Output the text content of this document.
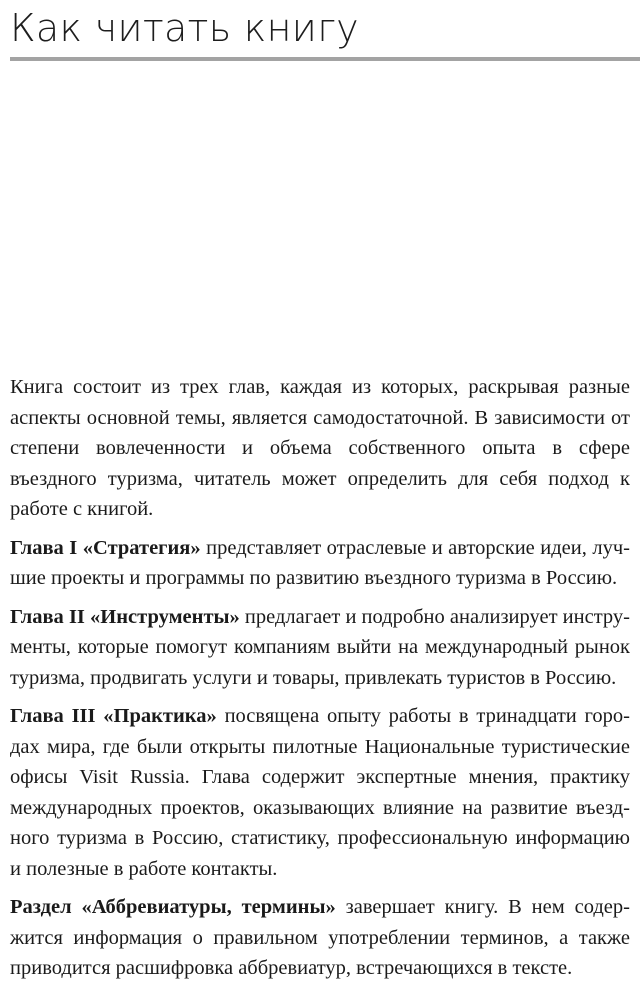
Как читать книгу

Книга состоит из трех глав, каждая из которых, раскрывая разные аспекты основной темы, является самодостаточной. В зависимости от степени вовлеченности и объема собственного опыта в сфере въездного туризма, читатель может определить для себя подход к работе с книгой.

Глава I «Стратегия» представляет отраслевые и авторские идеи, лучшие проекты и программы по развитию въездного туризма в Россию.

Глава II «Инструменты» предлагает и подробно анализирует инструменты, которые помогут компаниям выйти на международный рынок туризма, продвигать услуги и товары, привлекать туристов в Россию.

Глава III «Практика» посвящена опыту работы в тринадцати городах мира, где были открыты пилотные Национальные туристические офисы Visit Russia. Глава содержит экспертные мнения, практику международных проектов, оказывающих влияние на развитие въездного туризма в Россию, статистику, профессиональную информацию и полезные в работе контакты.

Раздел «Аббревиатуры, термины» завершает книгу. В нем содержится информация о правильном употреблении терминов, а также приводится расшифровка аббревиатур, встречающихся в тексте.
